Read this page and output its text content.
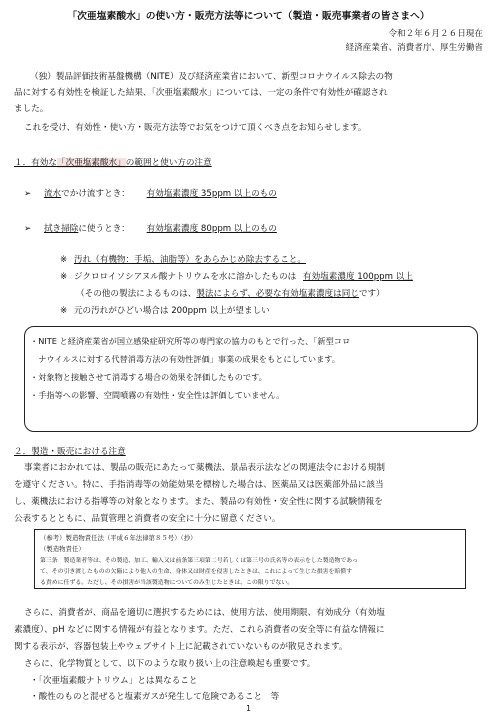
「次亜塩素酸水」の使い方・販売方法等について（製造・販売事業者の皆さまへ）
令和２年６月２６日現在
経済産業省、消費者庁、厚生労働省
（独）製品評価技術基盤機構（NITE）及び経済産業省において、新型コロナウイルス除去の物
品に対する有効性を検証した結果、「次亜塩素酸水」については、一定の条件で有効性が確認され
ました。
これを受け、有効性・使い方・販売方法等でお気をつけて頂くべき点をお知らせします。
１．有効な「次亜塩素酸水」の範囲と使い方の注意
➢ 流水でかけ流すとき： 有効塩素濃度 35ppm 以上のもの
➢ 拭き掃除に使うとき： 有効塩素濃度 80ppm 以上のもの
※ 汚れ（有機物：手垢、油脂等）をあらかじめ除去すること。
※ ジクロロイソシアヌル酸ナトリウムを水に溶かしたものは 有効塩素濃度 100ppm 以上
（その他の製法によるものは、製法によらず、必要な有効塩素濃度は同じです）
※ 元の汚れがひどい場合は 200ppm 以上が望ましい
・NITE と経済産業省が国立感染症研究所等の専門家の協力のもとで行った、「新型コロ
　ナウイルスに対する代替消毒方法の有効性評価」事業の成果をもとにしています。
・対象物と接触させて消毒する場合の効果を評価したものです。
・手指等への影響、空間噴霧の有効性・安全性は評価していません。
２．製造・販売における注意
事業者におかれては、製品の販売にあたって薬機法、景品表示法などの関連法令における規制
を遵守ください。特に、手指消毒等の効能効果を標榜した場合は、医薬品又は医薬部外品に該当
し、薬機法における指導等の対象となります。また、製品の有効性・安全性に関する試験情報を
公表するとともに、品質管理と消費者の安全に十分に留意ください。
（参考）製造物責任法（平成６年法律第８５号）（抄）
（製造物責任）
第三条　製造業者等は、その製造、加工、輸入又は前条第三項第二号若しくは第三号の氏名等の表示をした製造物であっ
て、その引き渡したものの欠陥により他人の生命、身体又は財産を侵害したときは、これによって生じた損害を賠償す
る責めに任ずる。ただし、その損害が当該製造物についてのみ生じたときは、この限りでない。
さらに、消費者が、商品を適切に選択するためには、使用方法、使用期限、有効成分（有効塩
素濃度）、pH などに関する情報が有益となります。ただ、これら消費者の安全等に有益な情報に
関する表示が、容器包装上やウェブサイト上に記載されていないものが散見されます。
さらに、化学物質として、以下のような取り扱い上の注意喚起も重要です。
・「次亜塩素酸ナトリウム」とは異なること
・酸性のものと混ぜると塩素ガスが発生して危険であること　等
1
